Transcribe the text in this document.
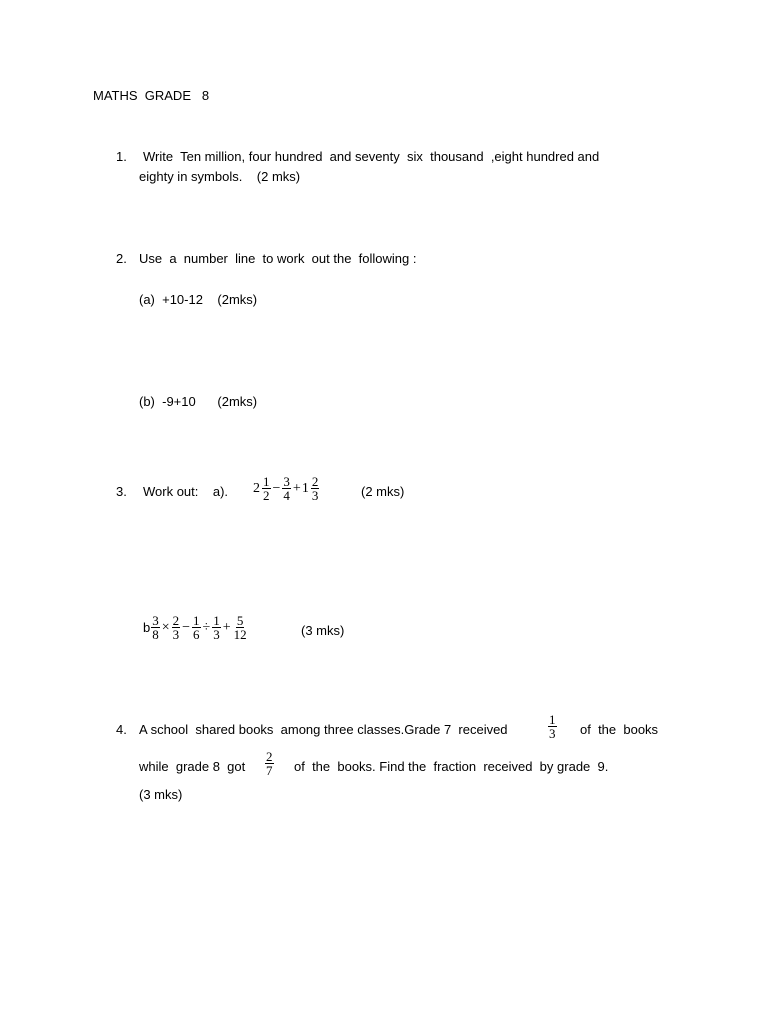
MATHS  GRADE   8
1. Write  Ten million, four hundred  and seventy  six  thousand  ,eight hundred and
eighty in symbols.    (2 mks)
2. Use  a  number  line  to work  out the  following :
(a)  +10-12    (2mks)
(b)  -9+10      (2mks)
3. Work out:    a). $2 \frac{1}{2} - \frac{3}{4} + 1 \frac{2}{3}$	(2 mks)
b $\frac{3}{8} \times \frac{2}{3} - \frac{1}{6} \div \frac{1}{3} + \frac{5}{12}$	(3 mks)
4. A school  shared books  among three classes.Grade 7  received	$\frac{1}{3}$ of  the  books
while  grade 8  got $\frac{2}{7}$ of  the  books. Find the  fraction  received  by grade  9.
(3 mks)
